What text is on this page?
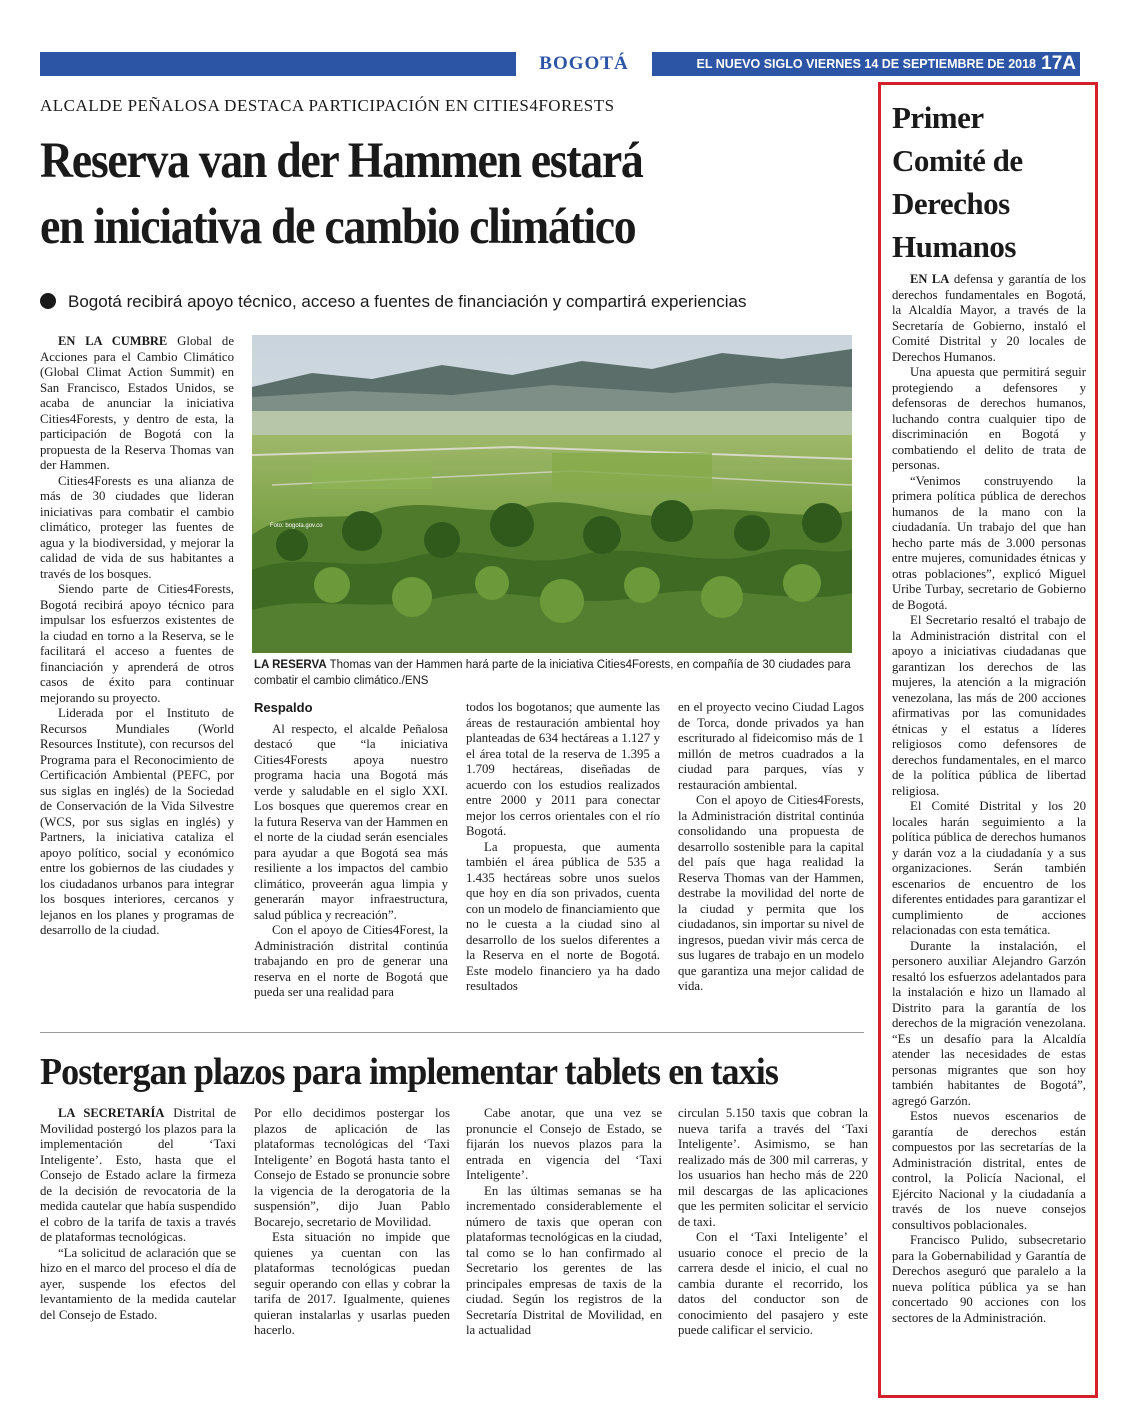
BOGOTÁ	EL NUEVO SIGLO VIERNES 14 DE SEPTIEMBRE DE 2018 17A
ALCALDE PEÑALOSA DESTACA PARTICIPACIÓN EN CITIES4FORESTS
Reserva van der Hammen estará
en iniciativa de cambio climático
Bogotá recibirá apoyo técnico, acceso a fuentes de financiación y compartirá experiencias

EN LA CUMBRE Global de Acciones para el Cambio Climático (Global Climat Action Summit) en San Francisco, Estados Unidos, se acaba de anunciar la iniciativa Cities4Forests, y dentro de esta, la participación de Bogotá con la propuesta de la Reserva Thomas van der Hammen.

Cities4Forests es una alianza de más de 30 ciudades que lideran iniciativas para combatir el cambio climático, proteger las fuentes de agua y la biodiversidad, y mejorar la calidad de vida de sus habitantes a través de los bosques.

Siendo parte de Cities4Forests, Bogotá recibirá apoyo técnico para impulsar los esfuerzos existentes de la ciudad en torno a la Reserva, se le facilitará el acceso a fuentes de financiación y aprenderá de otros casos de éxito para continuar mejorando su proyecto.

Liderada por el Instituto de Recursos Mundiales (World Resources Institute), con recursos del Programa para el Reconocimiento de Certificación Ambiental (PEFC, por sus siglas en inglés) de la Sociedad de Conservación de la Vida Silvestre (WCS, por sus siglas en inglés) y Partners, la iniciativa cataliza el apoyo político, social y económico entre los gobiernos de las ciudades y los ciudadanos urbanos para integrar los bosques interiores, cercanos y lejanos en los planes y programas de desarrollo de la ciudad.

Foto: bogota.gov.co
LA RESERVA Thomas van der Hammen hará parte de la iniciativa Cities4Forests, en compañía de 30 ciudades para combatir el cambio climático./ENS
Respaldo

Al respecto, el alcalde Peñalosa destacó que “la iniciativa Cities4Forests apoya nuestro programa hacia una Bogotá más verde y saludable en el siglo XXI. Los bosques que queremos crear en la futura Reserva van der Hammen en el norte de la ciudad serán esenciales para ayudar a que Bogotá sea más resiliente a los impactos del cambio climático, proveerán agua limpia y generarán mayor infraestructura, salud pública y recreación”.

Con el apoyo de Cities4Forest, la Administración distrital continúa trabajando en pro de generar una reserva en el norte de Bogotá que pueda ser una realidad para

todos los bogotanos; que aumente las áreas de restauración ambiental hoy planteadas de 634 hectáreas a 1.127 y el área total de la reserva de 1.395 a 1.709 hectáreas, diseñadas de acuerdo con los estudios realizados entre 2000 y 2011 para conectar mejor los cerros orientales con el río Bogotá.

La propuesta, que aumenta también el área pública de 535 a 1.435 hectáreas sobre unos suelos que hoy en día son privados, cuenta con un modelo de financiamiento que no le cuesta a la ciudad sino al desarrollo de los suelos diferentes a la Reserva en el norte de Bogotá. Este modelo financiero ya ha dado resultados

en el proyecto vecino Ciudad Lagos de Torca, donde privados ya han escriturado al fideicomiso más de 1 millón de metros cuadrados a la ciudad para parques, vías y restauración ambiental.

Con el apoyo de Cities4Forests, la Administración distrital continúa consolidando una propuesta de desarrollo sostenible para la capital del país que haga realidad la Reserva Thomas van der Hammen, destrabe la movilidad del norte de la ciudad y permita que los ciudadanos, sin importar su nivel de ingresos, puedan vivir más cerca de sus lugares de trabajo en un modelo que garantiza una mejor calidad de vida.

Postergan plazos para implementar tablets en taxis

LA SECRETARÍA Distrital de Movilidad postergó los plazos para la implementación del ‘Taxi Inteligente’. Esto, hasta que el Consejo de Estado aclare la firmeza de la decisión de revocatoria de la medida cautelar que había suspendido el cobro de la tarifa de taxis a través de plataformas tecnológicas.

“La solicitud de aclaración que se hizo en el marco del proceso el día de ayer, suspende los efectos del levantamiento de la medida cautelar del Consejo de Estado.

Por ello decidimos postergar los plazos de aplicación de las plataformas tecnológicas del ‘Taxi Inteligente’ en Bogotá hasta tanto el Consejo de Estado se pronuncie sobre la vigencia de la derogatoria de la suspensión”, dijo Juan Pablo Bocarejo, secretario de Movilidad.

Esta situación no impide que quienes ya cuentan con las plataformas tecnológicas puedan seguir operando con ellas y cobrar la tarifa de 2017. Igualmente, quienes quieran instalarlas y usarlas pueden hacerlo.

Cabe anotar, que una vez se pronuncie el Consejo de Estado, se fijarán los nuevos plazos para la entrada en vigencia del ‘Taxi Inteligente’.

En las últimas semanas se ha incrementado considerablemente el número de taxis que operan con plataformas tecnológicas en la ciudad, tal como se lo han confirmado al Secretario los gerentes de las principales empresas de taxis de la ciudad. Según los registros de la Secretaría Distrital de Movilidad, en la actualidad

circulan 5.150 taxis que cobran la nueva tarifa a través del ‘Taxi Inteligente’. Asimismo, se han realizado más de 300 mil carreras, y los usuarios han hecho más de 220 mil descargas de las aplicaciones que les permiten solicitar el servicio de taxi.

Con el ‘Taxi Inteligente’ el usuario conoce el precio de la carrera desde el inicio, el cual no cambia durante el recorrido, los datos del conductor son de conocimiento del pasajero y este puede calificar el servicio.

Primer
Comité de
Derechos
Humanos

EN LA defensa y garantía de los derechos fundamentales en Bogotá, la Alcaldía Mayor, a través de la Secretaría de Gobierno, instaló el Comité Distrital y 20 locales de Derechos Humanos.

Una apuesta que permitirá seguir protegiendo a defensores y defensoras de derechos humanos, luchando contra cualquier tipo de discriminación en Bogotá y combatiendo el delito de trata de personas.

“Venimos construyendo la primera política pública de derechos humanos de la mano con la ciudadanía. Un trabajo del que han hecho parte más de 3.000 personas entre mujeres, comunidades étnicas y otras poblaciones”, explicó Miguel Uribe Turbay, secretario de Gobierno de Bogotá.

El Secretario resaltó el trabajo de la Administración distrital con el apoyo a iniciativas ciudadanas que garantizan los derechos de las mujeres, la atención a la migración venezolana, las más de 200 acciones afirmativas por las comunidades étnicas y el estatus a líderes religiosos como defensores de derechos fundamentales, en el marco de la política pública de libertad religiosa.

El Comité Distrital y los 20 locales harán seguimiento a la política pública de derechos humanos y darán voz a la ciudadanía y a sus organizaciones. Serán también escenarios de encuentro de los diferentes entidades para garantizar el cumplimiento de acciones relacionadas con esta temática.

Durante la instalación, el personero auxiliar Alejandro Garzón resaltó los esfuerzos adelantados para la instalación e hizo un llamado al Distrito para la garantía de los derechos de la migración venezolana. “Es un desafío para la Alcaldía atender las necesidades de estas personas migrantes que son hoy también habitantes de Bogotá”, agregó Garzón.

Estos nuevos escenarios de garantía de derechos están compuestos por las secretarías de la Administración distrital, entes de control, la Policía Nacional, el Ejército Nacional y la ciudadanía a través de los nueve consejos consultivos poblacionales.

Francisco Pulido, subsecretario para la Gobernabilidad y Garantía de Derechos aseguró que paralelo a la nueva política pública ya se han concertado 90 acciones con los sectores de la Administración.
